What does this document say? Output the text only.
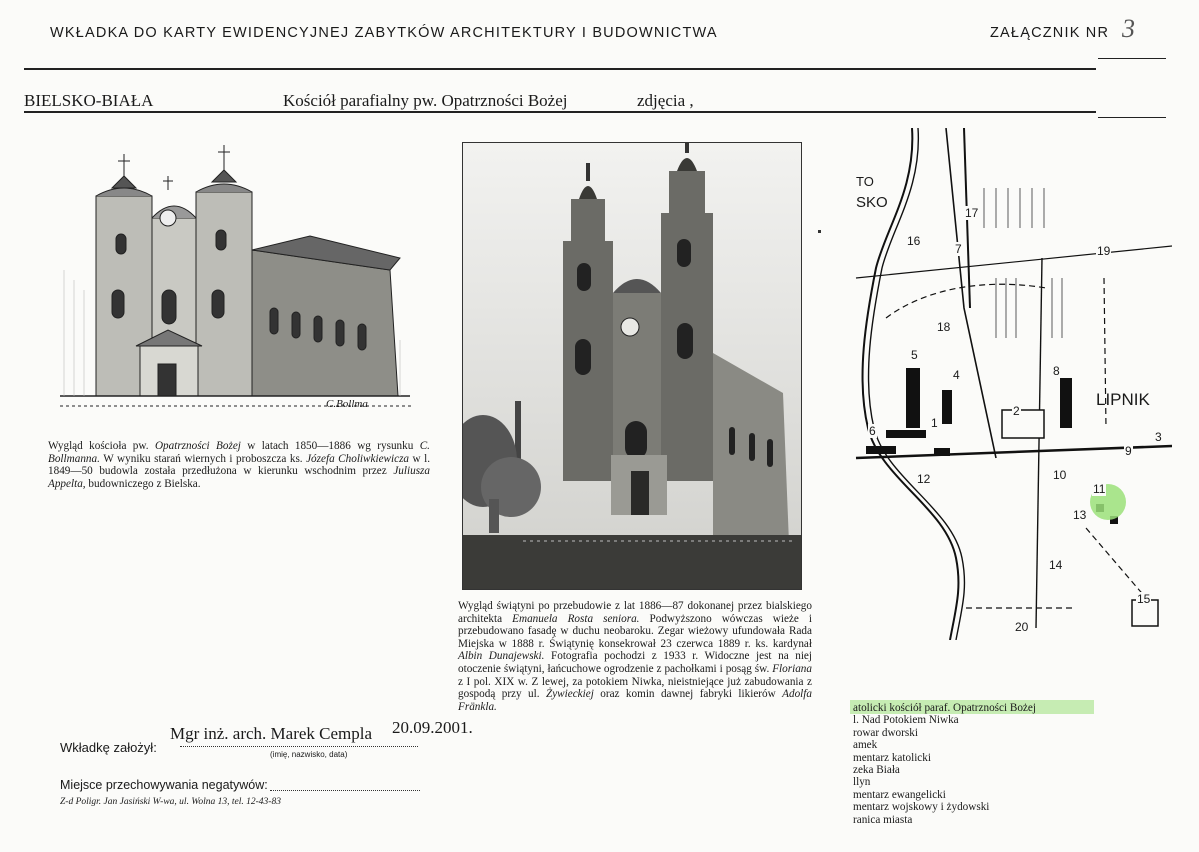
WKŁADKA DO KARTY EWIDENCYJNEJ ZABYTKÓW ARCHITEKTURY I BUDOWNICTWA	ZAŁĄCZNIK NR 3
BIELSKO-BIAŁA	Kościół parafialny pw. Opatrzności Bożej	zdjęcia ,
C.Bollma
Wygląd kościoła pw. Opatrzności Bożej w latach 1850—1886 wg rysunku C. Bollmanna. W wyniku starań wiernych i proboszcza ks. Józefa Choliwkiewicza w l. 1849—50 budowla została przedłużona w kierunku wschodnim przez Juliusza Appelta, budowniczego z Bielska.
Wygląd świątyni po przebudowie z lat 1886—87 dokonanej przez bialskiego architekta Emanuela Rosta seniora. Podwyższono wówczas wieże i przebudowano fasadę w duchu neobaroku. Zegar wieżowy ufundowała Rada Miejska w 1888 r. Świątynię konsekrował 23 czerwca 1889 r. ks. kardynał Albin Dunajewski. Fotografia pochodzi z 1933 r. Widoczne jest na niej otoczenie świątyni, łańcuchowe ogrodzenie z pachołkami i posąg św. Floriana z I pol. XIX w. Z lewej, za potokiem Niwka, nieistniejące już zabudowania z gospodą przy ul. Żywieckiej oraz komin dawnej fabryki likierów Adolfa Fränkla.
TO
SKO
LIPNIK
1
2
3
4
5
6
7
8
9
10
11
12
13
14
15
16
17
18
19
20
atolicki kościół paraf. Opatrzności Bożej
l. Nad Potokiem Niwka
rowar dworski
amek
mentarz katolicki
zeka Biała
llyn
mentarz ewangelicki
mentarz wojskowy i żydowski
ranica miasta
Wkładkę założył:
Mgr inż. arch. Marek Cempla 20.09.2001.
(imię, nazwisko, data)
Miejsce przechowywania negatywów:
Z-d Poligr. Jan Jasiński W-wa, ul. Wolna 13, tel. 12-43-83
